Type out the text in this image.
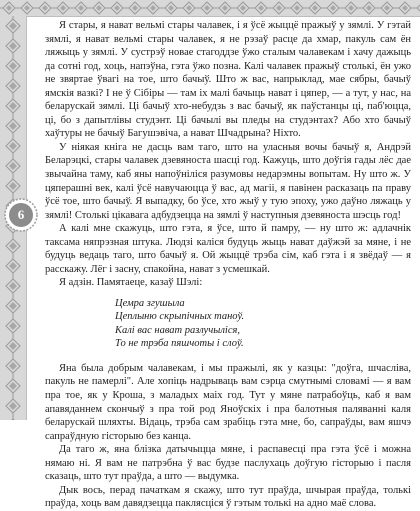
6

Я стары, я нават вельмі стары чалавек, і я ўсё жыццё пражыў у зямлі. У гэтай зямлі, я нават вельмі стары чалавек, я не рэзаў расце да хмар, пакуль сам ён ляжыць у зямлі. У сустрэў новае стагоддзе ўжо сталым чалавекам і хачу дажыць да сотні год, хоць, напэўна, гэта ўжо позна. Калі чалавек пражыў столькі, ён ужо не звяртае ўвагі на тое, што бачыў. Што ж вас, напрыклад, мае сябры, бачыў ямскія вазкі? І не ў Сібіры — там іх малі бачыць нават і цяпер, — а тут, у нас, на беларускай зямлі. Ці бачыў хто-небудзь з вас бачыў, як паўстанцы ці, паб'юцца, ці, бо з дапытлівы студэнт. Ці бачылі вы пледы на студэнтах? Або хто бачыў хаўтуры не бачыў Багушэвіча, а нават Шчадрына? Ніхто.

У ніякая кніга не дасць вам таго, што на уласныя вочы бачыў я, Андрэй Беларэцкі, стары чалавек дзевяноста шасці год. Кажуць, што доўгія гады лёс дае звычайна таму, каб яны напоўніліся разумовы недарэмны вопытам. Ну што ж. У цяперашні век, калі ўсё навучаюцца ў вас, ад магіі, я павінен расказаць па праву ўсё тое, што бачыў. Я выпадку, бо ўсе, хто жыў у тую эпоху, ужо даўно ляжаць у зямлі! Столькі цікавага адбудзецца на зямлі ў наступныя дзевяноста шэсць год!

А калі мне скажуць, што гэта, я ўсе, што й памру, — ну што ж: адлачнік таксама няпрэзная штука. Людзі каліся будуць жыць нават даўжэй за мяне, і не будуць ведаць таго, што бачыў я. Ой жыццё трэба сім, каб гэта і я звёдаў — я расскажу. Лёг і засну, спакойна, нават з усмешкай.

Я адзін. Памятаеце, казаў Шэлі:

Цемра згушыла
Цеплыню скрыпічных таноў.
Калі вас нават разлучыліся,
То не трэба пяшчоты і слоў.

Яна была добрым чалавекам, і мы пражылі, як у казцы: "доўга, шчасліва, пакуль не памерлі". Але хопіць надрываць вам сэрца смутнымі словамі — я вам пра тое, як у Кроша, з маладых маіх год. Тут у мяне патрабоўць, каб я вам апавяданнем скончыў з пра той род Яноўскіх і пра балотныя паляванні каля беларускай шляхты. Відаць, трэба сам зрабіць гэта мне, бо, сапраўды, вам яшчэ сапраўдную гісторыю без канца.

Да таго ж, яна блізка датычыцца мяне, і распавесці пра гэта ўсё і можна нямаю ні. Я вам не патрэбна ў вас будзе паслухаць доўгую гісторыю і пасля сказаць, што тут праўда, а што — выдумка.

Дык вось, перад пачаткам я скажу, што тут праўда, шчырая праўда, толькі праўда, хоць вам давядзецца паклясціся ў гэтым толькі на адно маё слова.
